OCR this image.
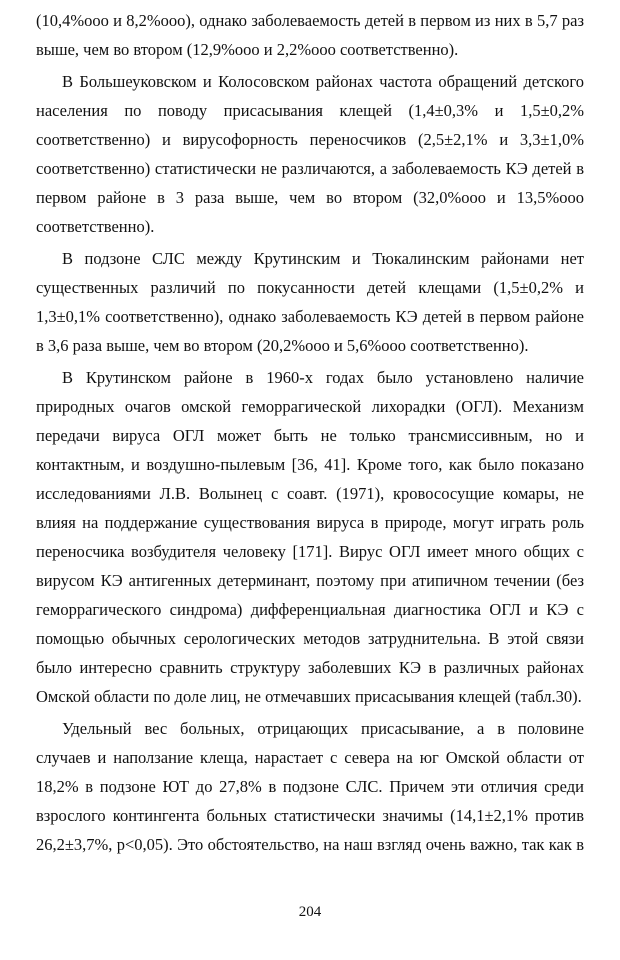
(10,4%ooo и 8,2%ooo), однако заболеваемость детей в первом из них в 5,7 раз
выше, чем во втором (12,9%ooo и 2,2%ooo соответственно).
В Большеуковском и Колосовском районах частота обращений детского
населения по поводу присасывания клещей (1,4±0,3% и 1,5±0,2%
соответственно) и вирусофорность переносчиков (2,5±2,1% и 3,3±1,0%
соответственно) статистически не различаются, а заболеваемость КЭ детей в
первом районе в 3 раза выше, чем во втором (32,0%ooo и 13,5%ooo
соответственно).
В подзоне СЛС между Крутинским и Тюкалинским районами нет
существенных различий по покусанности детей клещами (1,5±0,2% и
1,3±0,1% соответственно), однако заболеваемость КЭ детей в первом районе
в 3,6 раза выше, чем во втором (20,2%ooo и 5,6%ooo соответственно).
В Крутинском районе в 1960-х годах было установлено наличие
природных очагов омской геморрагической лихорадки (ОГЛ). Механизм
передачи вируса ОГЛ может быть не только трансмиссивным, но и
контактным, и воздушно-пылевым [36, 41]. Кроме того, как было показано
исследованиями Л.В. Волынец с соавт. (1971), кровососущие комары, не
влияя на поддержание существования вируса в природе, могут играть роль
переносчика возбудителя человеку [171]. Вирус ОГЛ имеет много общих с
вирусом КЭ антигенных детерминант, поэтому при атипичном течении (без
геморрагического синдрома) дифференциальная диагностика ОГЛ и КЭ с
помощью обычных серологических методов затруднительна. В этой связи
было интересно сравнить структуру заболевших КЭ в различных районах
Омской области по доле лиц, не отмечавших присасывания клещей (табл.30).
Удельный вес больных, отрицающих присасывание, а в половине
случаев и наползание клеща, нарастает с севера на юг Омской области от
18,2% в подзоне ЮТ до 27,8% в подзоне СЛС. Причем эти отличия среди
взрослого контингента больных статистически значимы (14,1±2,1% против
26,2±3,7%, p<0,05). Это обстоятельство, на наш взгляд очень важно, так как в
204
